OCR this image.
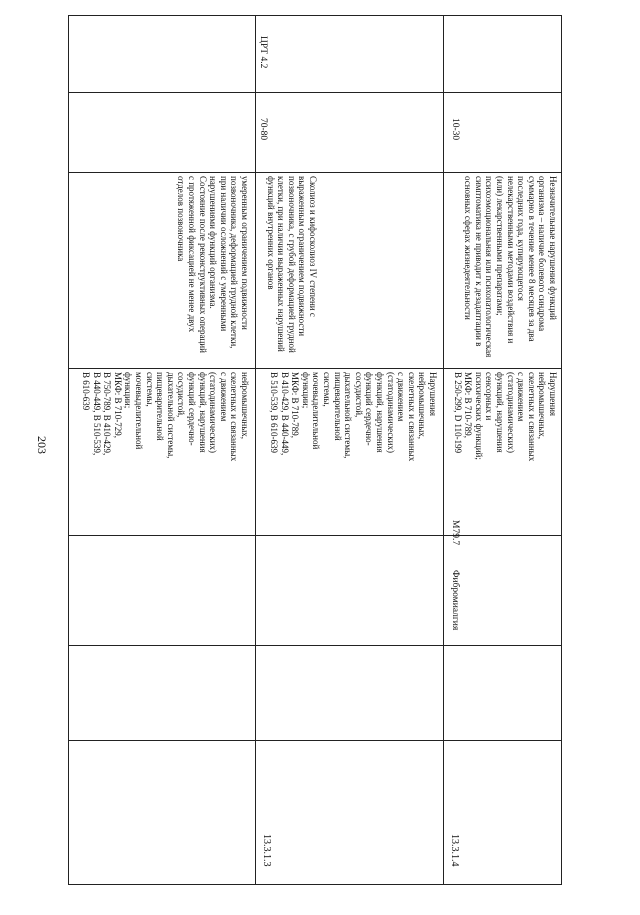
203
нейромышечных,
скелетных и связанных
с движением
(статодинамических)
функций, нарушения
функций сердечно-
сосудистой,
дыхательной системы,
пищеварительной
системы,
мочевыделительной
функции;
МКФ: В 710-729,
В 750-789, В 410-429,
В 440-449, В 510-539,
В 610-639
умеренным ограничением подвижности
позвоночника, деформацией грудной клетки,
при наличии осложнений с умеренными
нарушениями функций организма.
Состояние после реконструктивных операций
с протяженной фиксацией не менее двух
отделов позвоночника
ЦРТ 4.2
13.3.1.3
Нарушения
нейромышечных,
скелетных и связанных
с движением
(статодинамических)
функций, нарушения
функций сердечно-
сосудистой,
дыхательной системы,
пищеварительной
системы,
мочевыделительной
функции;
МКФ: В 710-789,
В 410-429, В 440-449,
В 510-539, В 610-639
Сколиоз и кифосколиоз IV степени с
выраженным ограничением подвижности
позвоночника, с грубой деформацией грудной
клетки, при наличии выраженных нарушений
функций внутренних органов
70-80
13.3.1.4
Фибромиалгия
M79.7
Нарушения
нейромышечных,
скелетных и связанных
с движением
(статодинамических)
функций, нарушения
сенсорных и
психических функций;
МКФ: В 710-789,
В 250-299, D 110-199
Незначительные нарушения функций
организма – наличие болевого синдрома
суммарно в течение менее 8 месяцев за два
последних года, купирующегося
нелекарственными методами воздействия и
(или) лекарственными препаратами;
психоэмоциональная или психопатологическая
симптоматика не приводит к дезадаптации в
основных сферах жизнедеятельности
10-30
